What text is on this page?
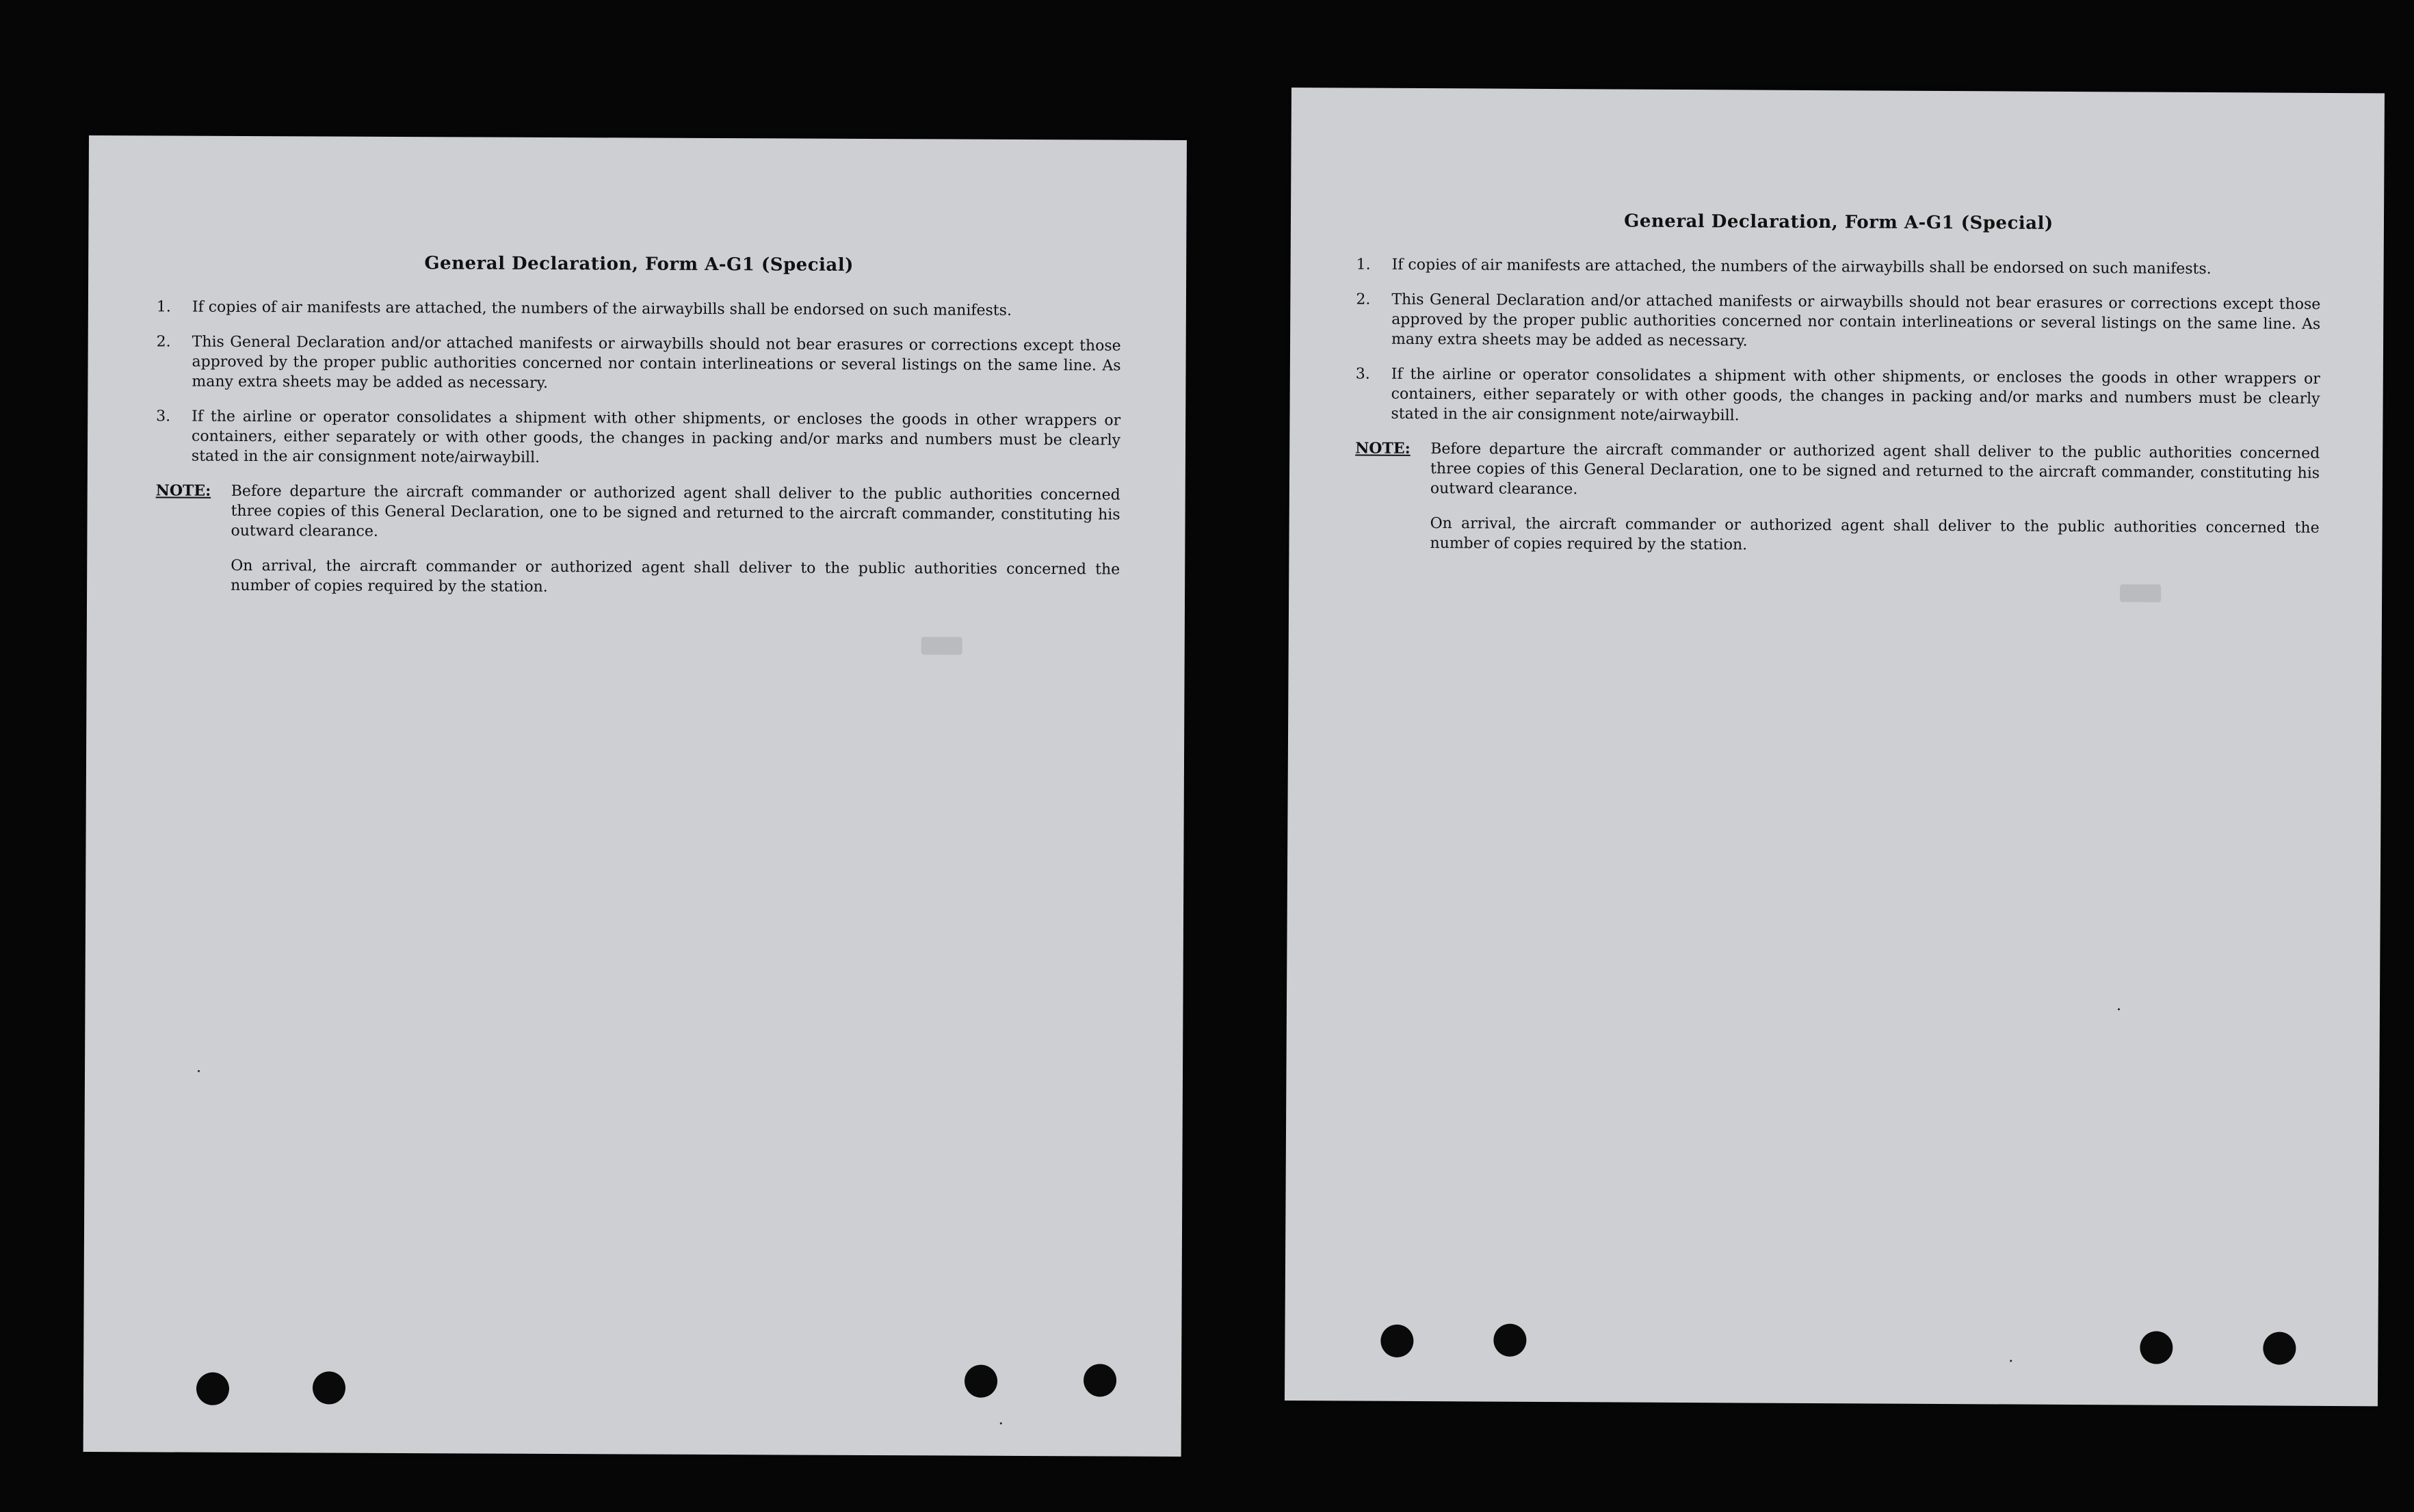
General Declaration, Form A-G1 (Special)
1.	If copies of air manifests are attached, the numbers of the airwaybills shall be endorsed on such manifests.
2.	This General Declaration and/or attached manifests or airwaybills should not bear erasures or corrections except those approved by the proper public authorities concerned nor contain interlineations or several listings on the same line. As many extra sheets may be added as necessary.
3.	If the airline or operator consolidates a shipment with other shipments, or encloses the goods in other wrappers or containers, either separately or with other goods, the changes in packing and/or marks and numbers must be clearly stated in the air consignment note/airwaybill.
NOTE:	Before departure the aircraft commander or authorized agent shall deliver to the public authorities concerned three copies of this General Declaration, one to be signed and returned to the aircraft commander, constituting his outward clearance.
On arrival, the aircraft commander or authorized agent shall deliver to the public authorities concerned the number of copies required by the station.
General Declaration, Form A-G1 (Special)
1.	If copies of air manifests are attached, the numbers of the airwaybills shall be endorsed on such manifests.
2.	This General Declaration and/or attached manifests or airwaybills should not bear erasures or corrections except those approved by the proper public authorities concerned nor contain interlineations or several listings on the same line. As many extra sheets may be added as necessary.
3.	If the airline or operator consolidates a shipment with other shipments, or encloses the goods in other wrappers or containers, either separately or with other goods, the changes in packing and/or marks and numbers must be clearly stated in the air consignment note/airwaybill.
NOTE:	Before departure the aircraft commander or authorized agent shall deliver to the public authorities concerned three copies of this General Declaration, one to be signed and returned to the aircraft commander, constituting his outward clearance.
On arrival, the aircraft commander or authorized agent shall deliver to the public authorities concerned the number of copies required by the station.
